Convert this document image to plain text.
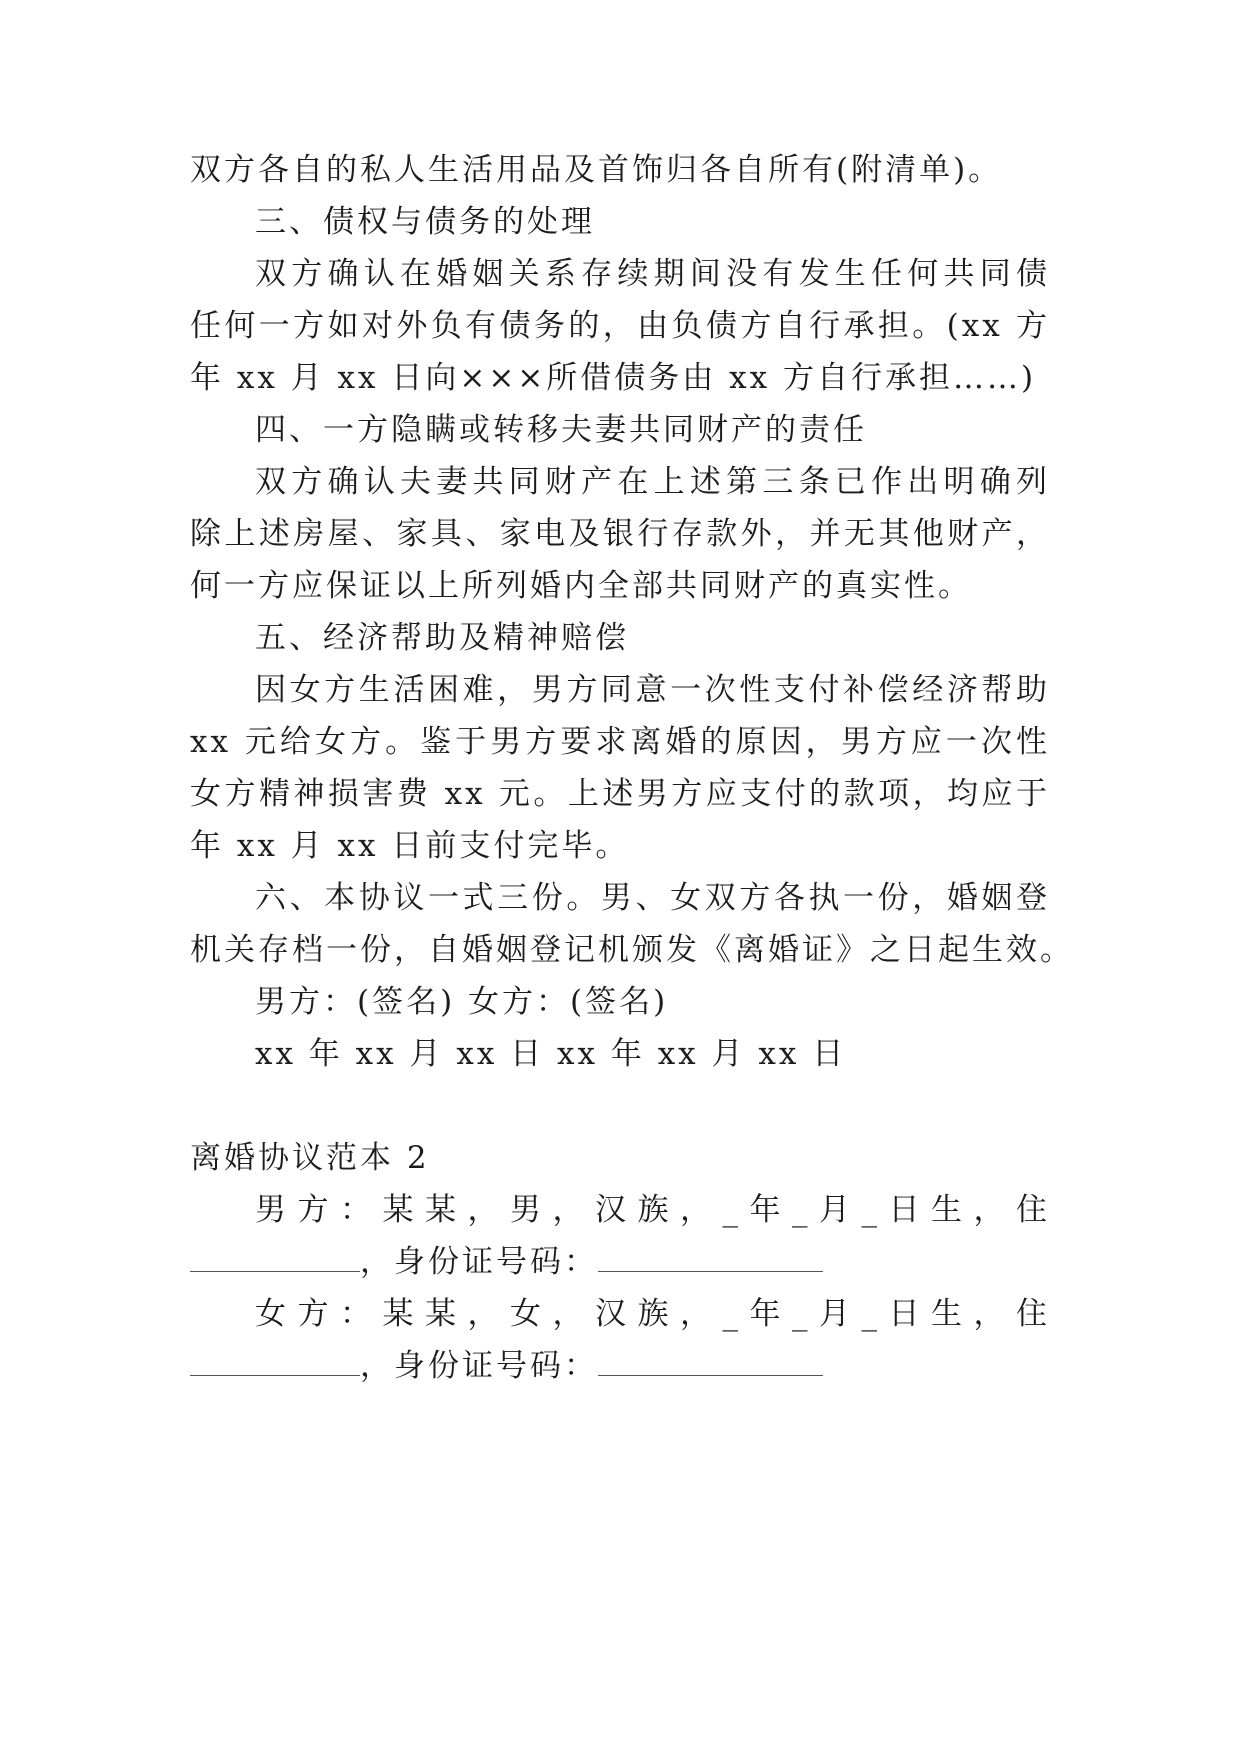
双方各自的私人生活用品及首饰归各自所有(附清单)。
三、债权与债务的处理
双方确认在婚姻关系存续期间没有发生任何共同债
任何一方如对外负有债务的，由负债方自行承担。(xx 方
年 xx 月 xx 日向×××所借债务由 xx 方自行承担……)
四、一方隐瞒或转移夫妻共同财产的责任
双方确认夫妻共同财产在上述第三条已作出明确列
除上述房屋、家具、家电及银行存款外，并无其他财产，
何一方应保证以上所列婚内全部共同财产的真实性。
五、经济帮助及精神赔偿
因女方生活困难，男方同意一次性支付补偿经济帮助
xx 元给女方。鉴于男方要求离婚的原因，男方应一次性
女方精神损害费 xx 元。上述男方应支付的款项，均应于
年 xx 月 xx 日前支付完毕。
六、本协议一式三份。男、女双方各执一份，婚姻登
机关存档一份，自婚姻登记机颁发《离婚证》之日起生效。
男方：(签名) 女方：(签名)
xx 年 xx 月 xx 日 xx 年 xx 月 xx 日
离婚协议范本 2
男方：某某，男，汉族，_年_月_日生，住
，身份证号码：
女方：某某，女，汉族，_年_月_日生，住
，身份证号码：
